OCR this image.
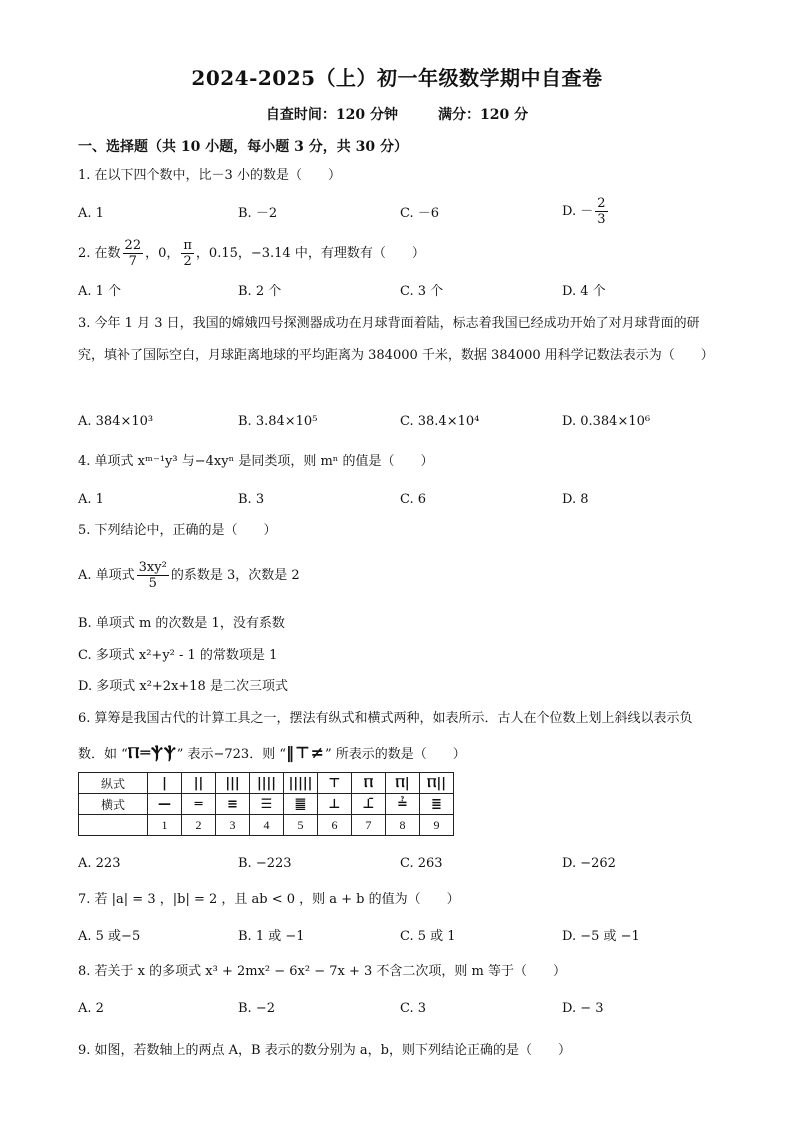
2024-2025（上）初一年级数学期中自查卷
自查时间：120 分钟	满分：120 分
一、选择题（共 10 小题，每小题 3 分，共 30 分）
1. 在以下四个数中，比－3 小的数是（　　）
A. 1	B. －2	C. －6	D. － $\frac{2}{3}$
2. 在数 $\frac{22}{7}$ ，0， $\frac{\pi}{2}$ ，0.15̇，−3.14 中，有理数有（　　）
A. 1 个	B. 2 个	C. 3 个	D. 4 个
3. 今年 1 月 3 日，我国的嫦娥四号探测器成功在月球背面着陆，标志着我国已经成功开始了对月球背面的研究，填补了国际空白，月球距离地球的平均距离为 384000 千米，数据 384000 用科学记数法表示为（　　）
A. 384×10³	B. 3.84×10⁵	C. 38.4×10⁴	D. 0.384×10⁶
4. 单项式 xᵐ⁻¹y³ 与−4xyⁿ 是同类项，则 mⁿ 的值是（　　）
A. 1	B. 3	C. 6	D. 8
5. 下列结论中，正确的是（　　）
A. 单项式 $\frac{\text{3xy²}}{5}$ 的系数是 3，次数是 2
B. 单项式 m 的次数是 1，没有系数
C. 多项式 x²+y² - 1 的常数项是 1
D. 多项式 x²+2x+18 是二次三项式
6. 算筹是我国古代的计算工具之一，摆法有纵式和横式两种，如表所示．古人在个位数上划上斜线以表示负数．如 “Ⲡ═ⲮⲮ” 表示−723．则 “‖⊤≠” 所表示的数是（　　）
纵式	|	||	|||	||||	|||||	⊤	Ⲡ	Ⲡ|	Ⲡ||
横式	—	═	≡	☰	䷀	⊥	⊥̄	≟	≣
	1	2	3	4	5	6	7	8	9
A. 223	B. −223	C. 263	D. −262
7. 若 |a| = 3 ，|b| = 2 ，且 ab < 0 ，则 a + b 的值为（　　）
A. 5 或−5	B. 1 或 −1	C. 5 或 1	D. −5 或 −1
8. 若关于 x 的多项式 x³ + 2mx² − 6x² − 7x + 3 不含二次项，则 m 等于（　　）
A. 2	B. −2	C. 3	D. − 3
9. 如图，若数轴上的两点 A，B 表示的数分别为 a，b，则下列结论正确的是（　　）
